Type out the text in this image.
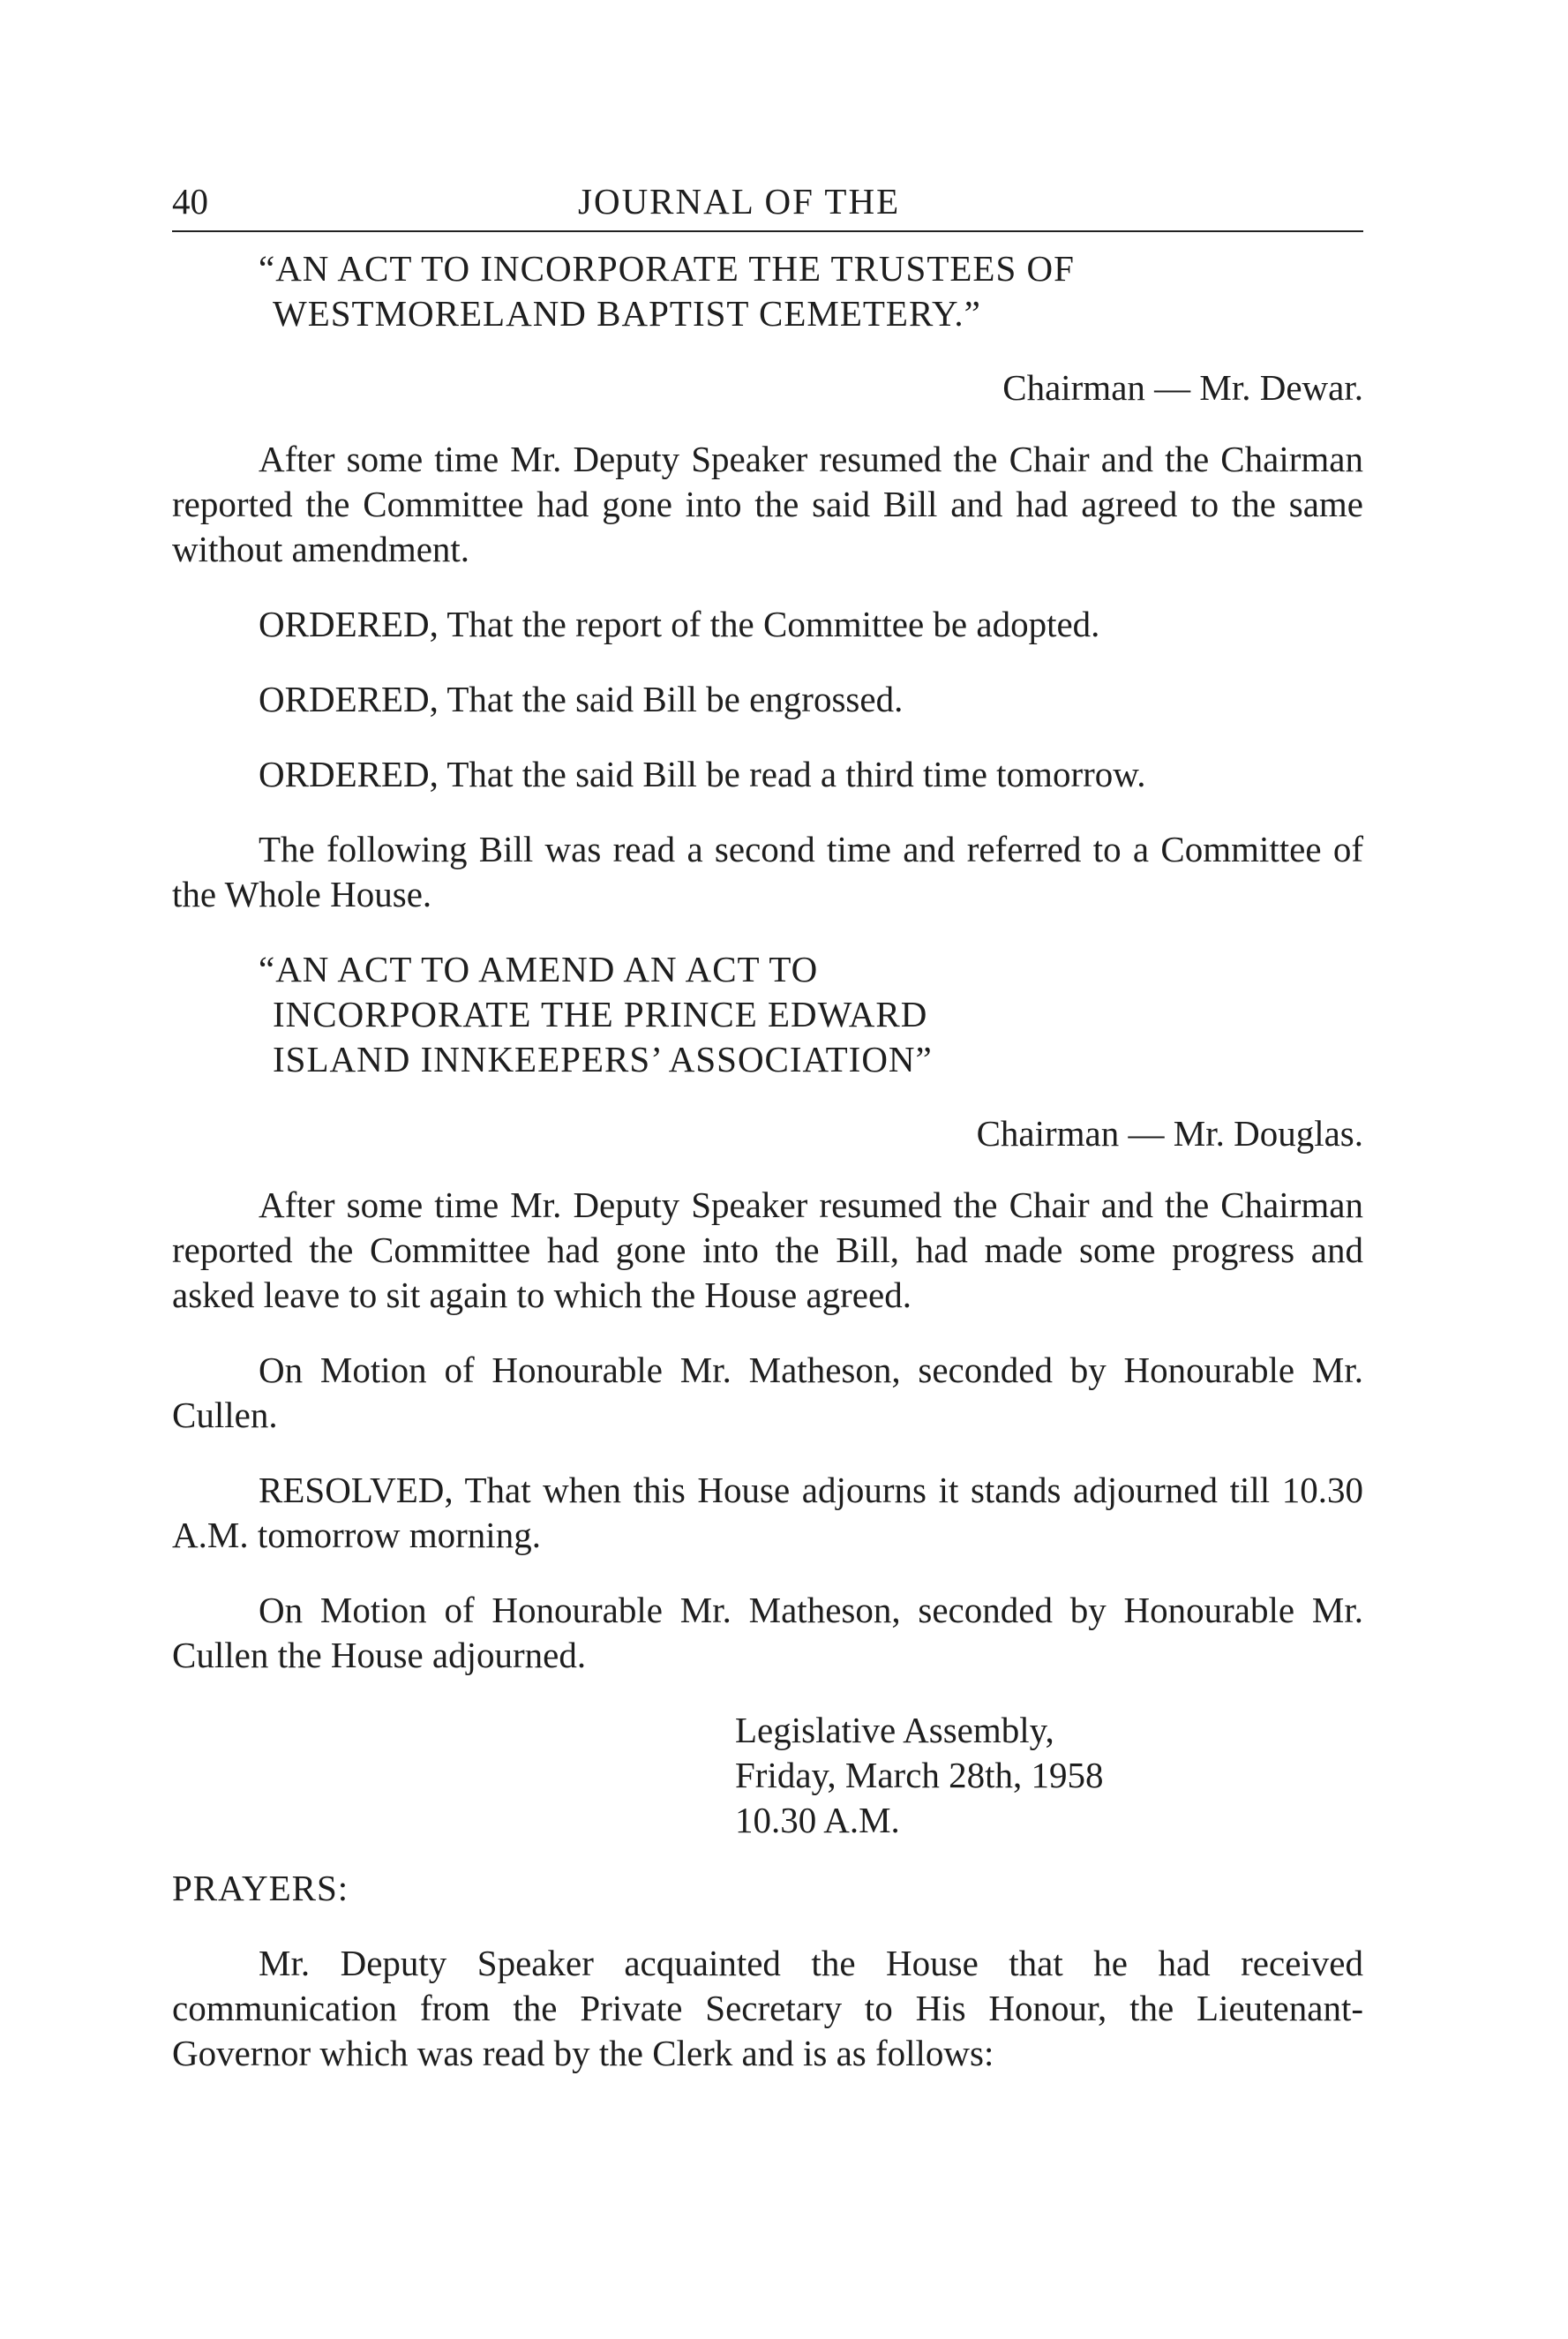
40	JOURNAL OF THE
“AN ACT TO INCORPORATE THE TRUSTEES OF
WESTMORELAND BAPTIST CEMETERY.”

Chairman — Mr. Dewar.

After some time Mr. Deputy Speaker resumed the Chair and the Chairman reported the Committee had gone into the said Bill and had agreed to the same without amendment.

ORDERED, That the report of the Committee be adopted.

ORDERED, That the said Bill be engrossed.

ORDERED, That the said Bill be read a third time tomorrow.

The following Bill was read a second time and referred to a Committee of the Whole House.

“AN ACT TO AMEND AN ACT TO
INCORPORATE THE PRINCE EDWARD
ISLAND INNKEEPERS’ ASSOCIATION”

Chairman — Mr. Douglas.

After some time Mr. Deputy Speaker resumed the Chair and the Chairman reported the Committee had gone into the Bill, had made some progress and asked leave to sit again to which the House agreed.

On Motion of Honourable Mr. Matheson, seconded by Honourable Mr. Cullen.

RESOLVED, That when this House adjourns it stands adjourned till 10.30 A.M. tomorrow morning.

On Motion of Honourable Mr. Matheson, seconded by Honourable Mr. Cullen the House adjourned.

Legislative Assembly,
Friday, March 28th, 1958
10.30 A.M.

PRAYERS:

Mr. Deputy Speaker acquainted the House that he had received communication from the Private Secretary to His Honour, the Lieutenant-Governor which was read by the Clerk and is as follows:
